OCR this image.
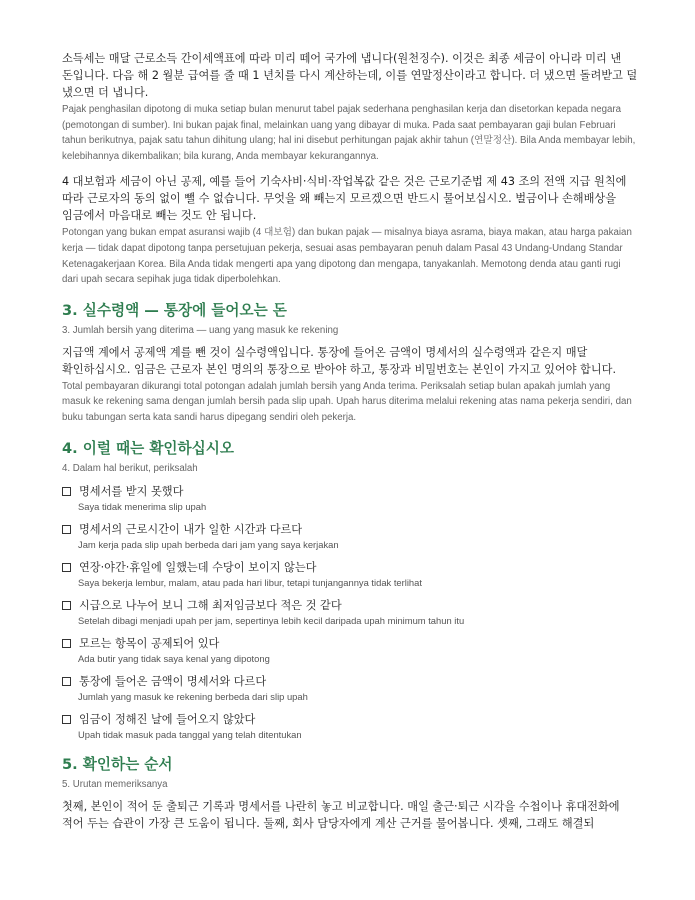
소득세는 매달 근로소득 간이세액표에 따라 미리 떼어 국가에 냅니다(원천징수). 이것은 최종 세금이 아니라 미리 낸 돈입니다. 다음 해 2 월분 급여를 줄 때 1 년치를 다시 계산하는데, 이를 연말정산이라고 합니다. 더 냈으면 돌려받고 덜 냈으면 더 냅니다.

Pajak penghasilan dipotong di muka setiap bulan menurut tabel pajak sederhana penghasilan kerja dan disetorkan kepada negara (pemotongan di sumber). Ini bukan pajak final, melainkan uang yang dibayar di muka. Pada saat pembayaran gaji bulan Februari tahun berikutnya, pajak satu tahun dihitung ulang; hal ini disebut perhitungan pajak akhir tahun (연말정산). Bila Anda membayar lebih, kelebihannya dikembalikan; bila kurang, Anda membayar kekurangannya.

4 대보험과 세금이 아닌 공제, 예를 들어 기숙사비·식비·작업복값 같은 것은 근로기준법 제 43 조의 전액 지급 원칙에 따라 근로자의 동의 없이 뺄 수 없습니다. 무엇을 왜 빼는지 모르겠으면 반드시 물어보십시오. 벌금이나 손해배상을 임금에서 마음대로 빼는 것도 안 됩니다.

Potongan yang bukan empat asuransi wajib (4 대보험) dan bukan pajak — misalnya biaya asrama, biaya makan, atau harga pakaian kerja — tidak dapat dipotong tanpa persetujuan pekerja, sesuai asas pembayaran penuh dalam Pasal 43 Undang-Undang Standar Ketenagakerjaan Korea. Bila Anda tidak mengerti apa yang dipotong dan mengapa, tanyakanlah. Memotong denda atau ganti rugi dari upah secara sepihak juga tidak diperbolehkan.

3. 실수령액 — 통장에 들어오는 돈
3. Jumlah bersih yang diterima — uang yang masuk ke rekening

지급액 계에서 공제액 계를 뺀 것이 실수령액입니다. 통장에 들어온 금액이 명세서의 실수령액과 같은지 매달 확인하십시오. 임금은 근로자 본인 명의의 통장으로 받아야 하고, 통장과 비밀번호는 본인이 가지고 있어야 합니다.

Total pembayaran dikurangi total potongan adalah jumlah bersih yang Anda terima. Periksalah setiap bulan apakah jumlah yang masuk ke rekening sama dengan jumlah bersih pada slip upah. Upah harus diterima melalui rekening atas nama pekerja sendiri, dan buku tabungan serta kata sandi harus dipegang sendiri oleh pekerja.

4. 이럴 때는 확인하십시오
4. Dalam hal berikut, periksalah
명세서를 받지 못했다
Saya tidak menerima slip upah
명세서의 근로시간이 내가 일한 시간과 다르다
Jam kerja pada slip upah berbeda dari jam yang saya kerjakan
연장·야간·휴일에 일했는데 수당이 보이지 않는다
Saya bekerja lembur, malam, atau pada hari libur, tetapi tunjangannya tidak terlihat
시급으로 나누어 보니 그해 최저임금보다 적은 것 같다
Setelah dibagi menjadi upah per jam, sepertinya lebih kecil daripada upah minimum tahun itu
모르는 항목이 공제되어 있다
Ada butir yang tidak saya kenal yang dipotong
통장에 들어온 금액이 명세서와 다르다
Jumlah yang masuk ke rekening berbeda dari slip upah
임금이 정해진 날에 들어오지 않았다
Upah tidak masuk pada tanggal yang telah ditentukan
5. 확인하는 순서
5. Urutan memeriksanya

첫째, 본인이 적어 둔 출퇴근 기록과 명세서를 나란히 놓고 비교합니다. 매일 출근·퇴근 시각을 수첩이나 휴대전화에 적어 두는 습관이 가장 큰 도움이 됩니다. 둘째, 회사 담당자에게 계산 근거를 물어봅니다. 셋째, 그래도 해결되
